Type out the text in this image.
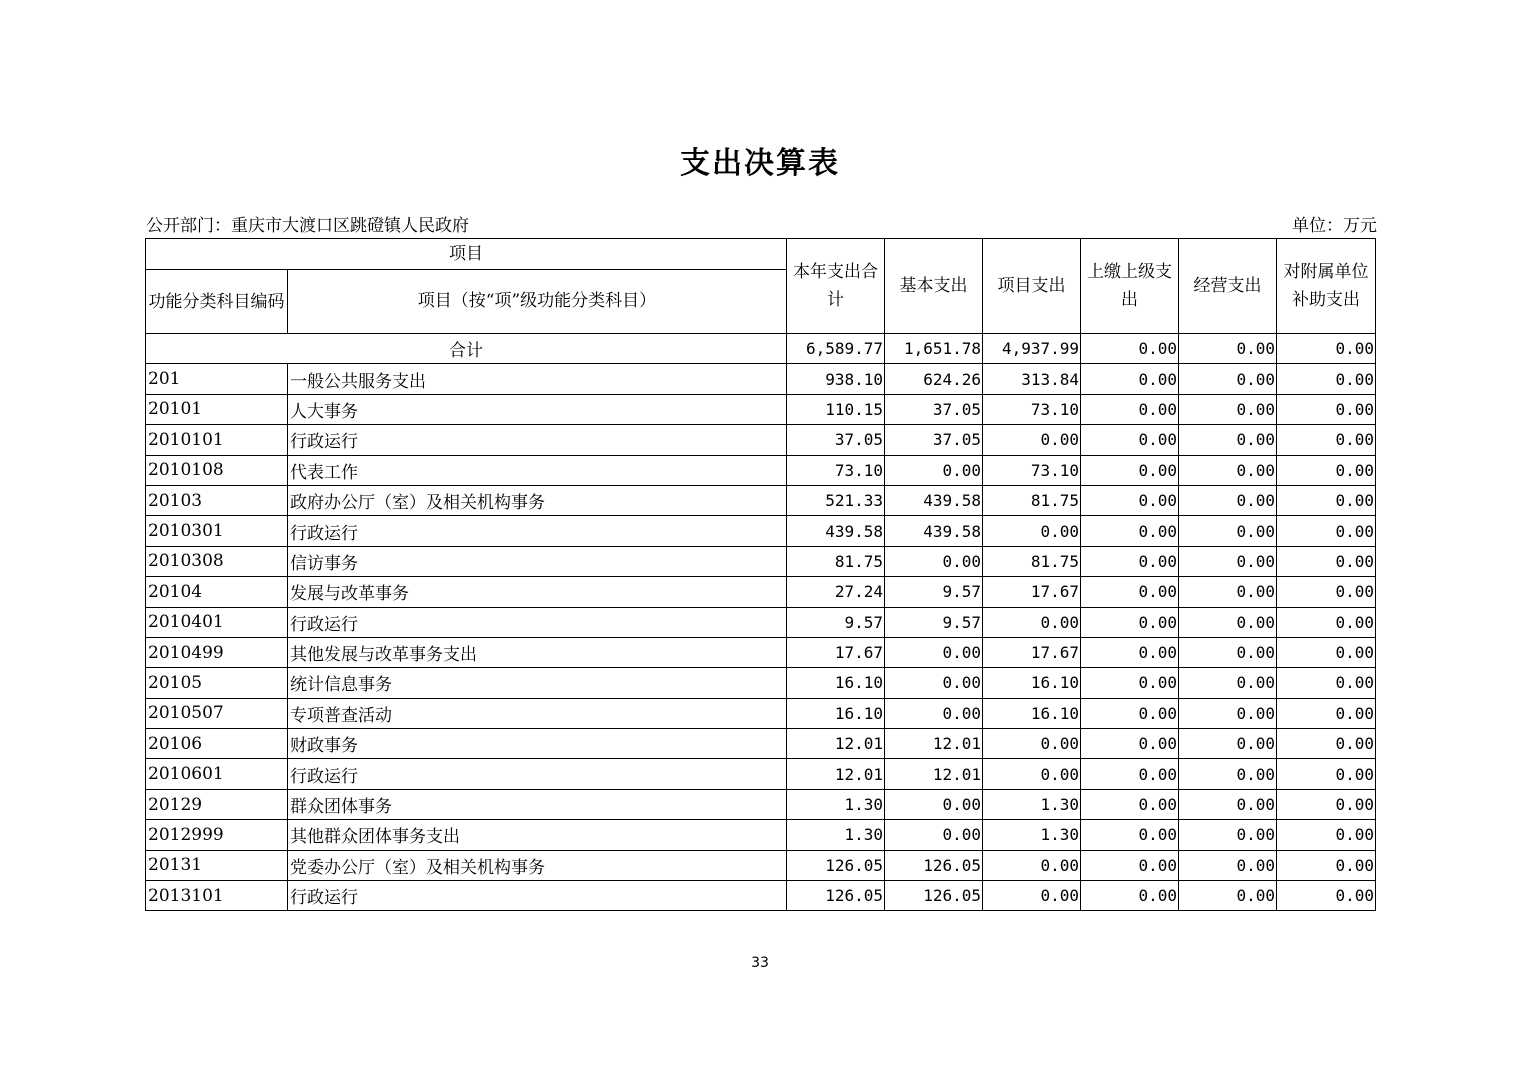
支出决算表
公开部门：重庆市大渡口区跳磴镇人民政府	单位：万元
项目		本年支出合计	基本支出	项目支出	上缴上级支出	经营支出	对附属单位补助支出
功能分类科目编码	项目（按“项”级功能分类科目）						
合计		6,589.77	1,651.78	4,937.99	0.00	0.00	0.00
201	一般公共服务支出	938.10	624.26	313.84	0.00	0.00	0.00
20101	人大事务	110.15	37.05	73.10	0.00	0.00	0.00
2010101	行政运行	37.05	37.05	0.00	0.00	0.00	0.00
2010108	代表工作	73.10	0.00	73.10	0.00	0.00	0.00
20103	政府办公厅（室）及相关机构事务	521.33	439.58	81.75	0.00	0.00	0.00
2010301	行政运行	439.58	439.58	0.00	0.00	0.00	0.00
2010308	信访事务	81.75	0.00	81.75	0.00	0.00	0.00
20104	发展与改革事务	27.24	9.57	17.67	0.00	0.00	0.00
2010401	行政运行	9.57	9.57	0.00	0.00	0.00	0.00
2010499	其他发展与改革事务支出	17.67	0.00	17.67	0.00	0.00	0.00
20105	统计信息事务	16.10	0.00	16.10	0.00	0.00	0.00
2010507	专项普查活动	16.10	0.00	16.10	0.00	0.00	0.00
20106	财政事务	12.01	12.01	0.00	0.00	0.00	0.00
2010601	行政运行	12.01	12.01	0.00	0.00	0.00	0.00
20129	群众团体事务	1.30	0.00	1.30	0.00	0.00	0.00
2012999	其他群众团体事务支出	1.30	0.00	1.30	0.00	0.00	0.00
20131	党委办公厅（室）及相关机构事务	126.05	126.05	0.00	0.00	0.00	0.00
2013101	行政运行	126.05	126.05	0.00	0.00	0.00	0.00
33
